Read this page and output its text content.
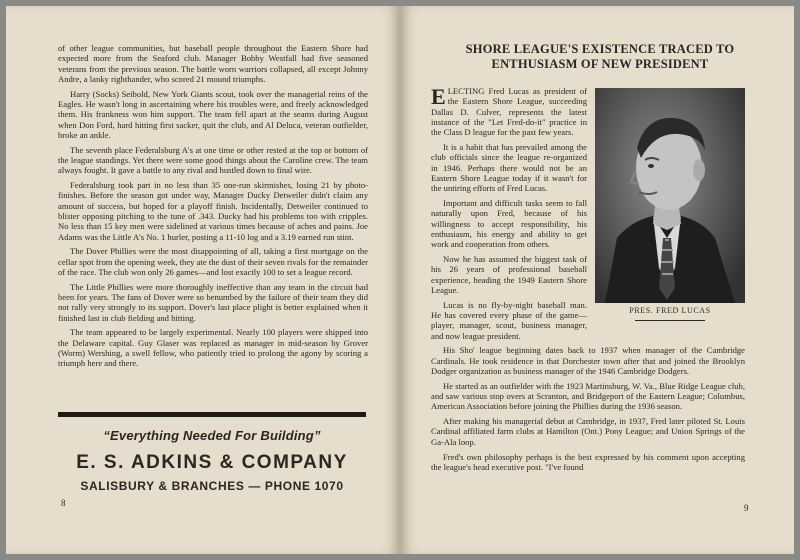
of other league communities, but baseball people throughout the Eastern Shore had expected more from the Seaford club. Manager Bobby Westfall had five seasoned veterans from the previous season. The battle worn warriors collapsed, all except Johnny Andre, a lanky righthander, who scored 21 mound triumphs.

Harry (Socks) Seibold, New York Giants scout, took over the managerial reins of the Eagles. He wasn't long in ascertaining where his troubles were, and freely acknowledged them. His frankness won him support. The team fell apart at the seams during August when Don Ford, hard hitting first sacker, quit the club, and Al Deluca, veteran outfielder, broke an ankle.

The seventh place Federalsburg A's at one time or other rested at the top or bottom of the league standings. Yet there were some good things about the Caroline crew. The team always fought. It gave a battle to any rival and hustled down to final wire.

Federalsburg took part in no less than 35 one-run skirmishes, losing 21 by photo-finishes. Before the season got under way, Manager Ducky Detweiler didn't claim any amount of success, but hoped for a playoff finish. Incidentally, Detweiler continued to blister opposing pitching to the tune of .343. Ducky had his problems too with cripples. No less than 15 key men were sidelined at various times because of aches and pains. Joe Adams was the Little A's No. 1 hurler, posting a 11-10 log and a 3.19 earned run stint.

The Dover Phillies were the most disappointing of all, taking a first mortgage on the cellar spot from the opening week, they ate the dust of their seven rivals for the remainder of the race. The club won only 26 games—and lost exactly 100 to set a league record.

The Little Phillies were more thoroughly ineffective than any team in the circuit had been for years. The fans of Dover were so benumbed by the failure of their team they did not rally very strongly to its support. Dover's last place plight is better explained when it finished last in club fielding and hitting.

The team appeared to be largely experimental. Nearly 100 players were shipped into the Delaware capital. Guy Glaser was replaced as manager in mid-season by Grover (Worm) Wershing, a swell fellow, who patiently tried to prolong the agony by scoring a triumph here and there.

“Everything Needed For Building”
E. S. ADKINS & COMPANY
SALISBURY & BRANCHES — PHONE 1070
8
SHORE LEAGUE'S EXISTENCE TRACED TO
ENTHUSIASM OF NEW PRESIDENT
PRES. FRED LUCAS

ELECTING Fred Lucas as president of the Eastern Shore League, succeeding Dallas D. Culver, represents the latest instance of the "Let Fred-do-it" practice in the Class D league for the past few years.

It is a habit that has prevailed among the club officials since the league re-organized in 1946. Perhaps there would not be an Eastern Shore League today if it wasn't for the untiring efforts of Fred Lucas.

Important and difficult tasks seem to fall naturally upon Fred, because of his willingness to accept responsibility, his enthusiasm, his energy and ability to get work and cooperation from others.

Now he has assumed the biggest task of his 26 years of professional baseball experience, heading the 1949 Eastern Shore League.

Lucas is no fly-by-night baseball man. He has covered every phase of the game—player, manager, scout, business manager, and now league president.

His Sho' league beginning dates back to 1937 when manager of the Cambridge Cardinals. He took residence in that Dorchester town after that and joined the Brooklyn Dodger organization as business manager of the 1946 Cambridge Dodgers.

He started as an outfielder with the 1923 Martinsburg, W. Va., Blue Ridge League club, and saw various stop overs at Scranton, and Bridgeport of the Eastern League; Columbus, American Association before joining the Phillies during the 1936 season.

After making his managerial debut at Cambridge, in 1937, Fred later piloted St. Louis Cardinal affiliated farm clubs at Hamilton (Ont.) Pony League; and Union Springs of the Ga-Ala loop.

Fred's own philosophy perhaps is the best expressed by his comment upon accepting the league's head executive post. "I've found

9
